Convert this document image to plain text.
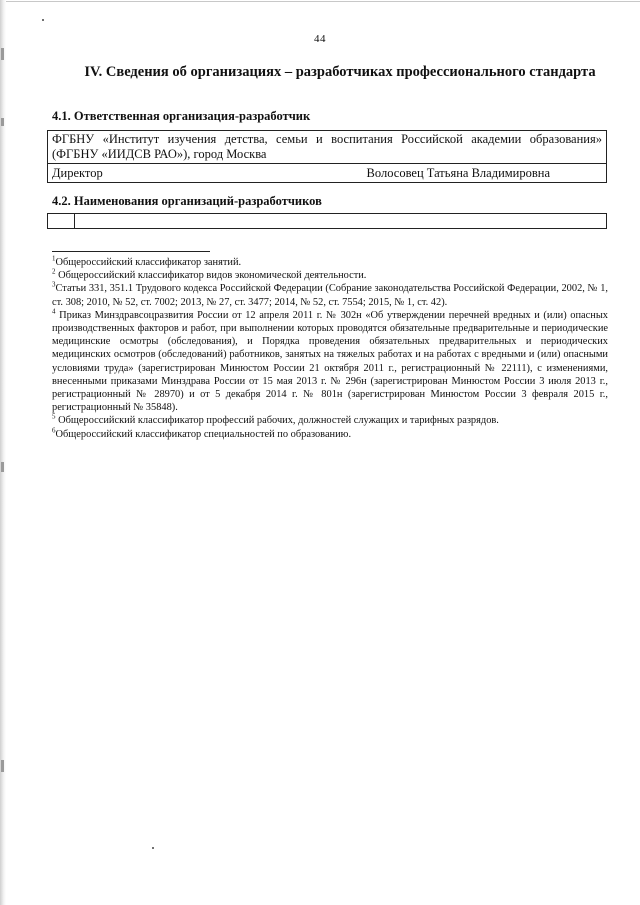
44
IV. Сведения об организациях – разработчиках профессионального стандарта
4.1. Ответственная организация-разработчик
ФГБНУ «Институт изучения детства, семьи и воспитания Российской академии образования» (ФГБНУ «ИИДСВ РАО»), город Москва

Директор	Волосовец Татьяна Владимировна
4.2. Наименования организаций-разработчиков

$^1$Общероссийский классификатор занятий.

$^2$ Общероссийский классификатор видов экономической деятельности.

$^3$Статьи 331, 351.1 Трудового кодекса Российской Федерации (Собрание законодательства Российской Федерации, 2002, № 1, ст. 308; 2010, № 52, ст. 7002; 2013, № 27, ст. 3477; 2014, № 52, ст. 7554; 2015, № 1, ст. 42).

$^4$ Приказ Минздравсоцразвития России от 12 апреля 2011 г. № 302н «Об утверждении перечней вредных и (или) опасных производственных факторов и работ, при выполнении которых проводятся обязательные предварительные и периодические медицинские осмотры (обследования), и Порядка проведения обязательных предварительных и периодических медицинских осмотров (обследований) работников, занятых на тяжелых работах и на работах с вредными и (или) опасными условиями труда» (зарегистрирован Минюстом России 21 октября 2011 г., регистрационный № 22111), с изменениями, внесенными приказами Минздрава России от 15 мая 2013 г. № 296н (зарегистрирован Минюстом России 3 июля 2013 г., регистрационный № 28970) и от 5 декабря 2014 г. № 801н (зарегистрирован Минюстом России 3 февраля 2015 г., регистрационный № 35848).

$^5$ Общероссийский классификатор профессий рабочих, должностей служащих и тарифных разрядов.

$^6$Общероссийский классификатор специальностей по образованию.
